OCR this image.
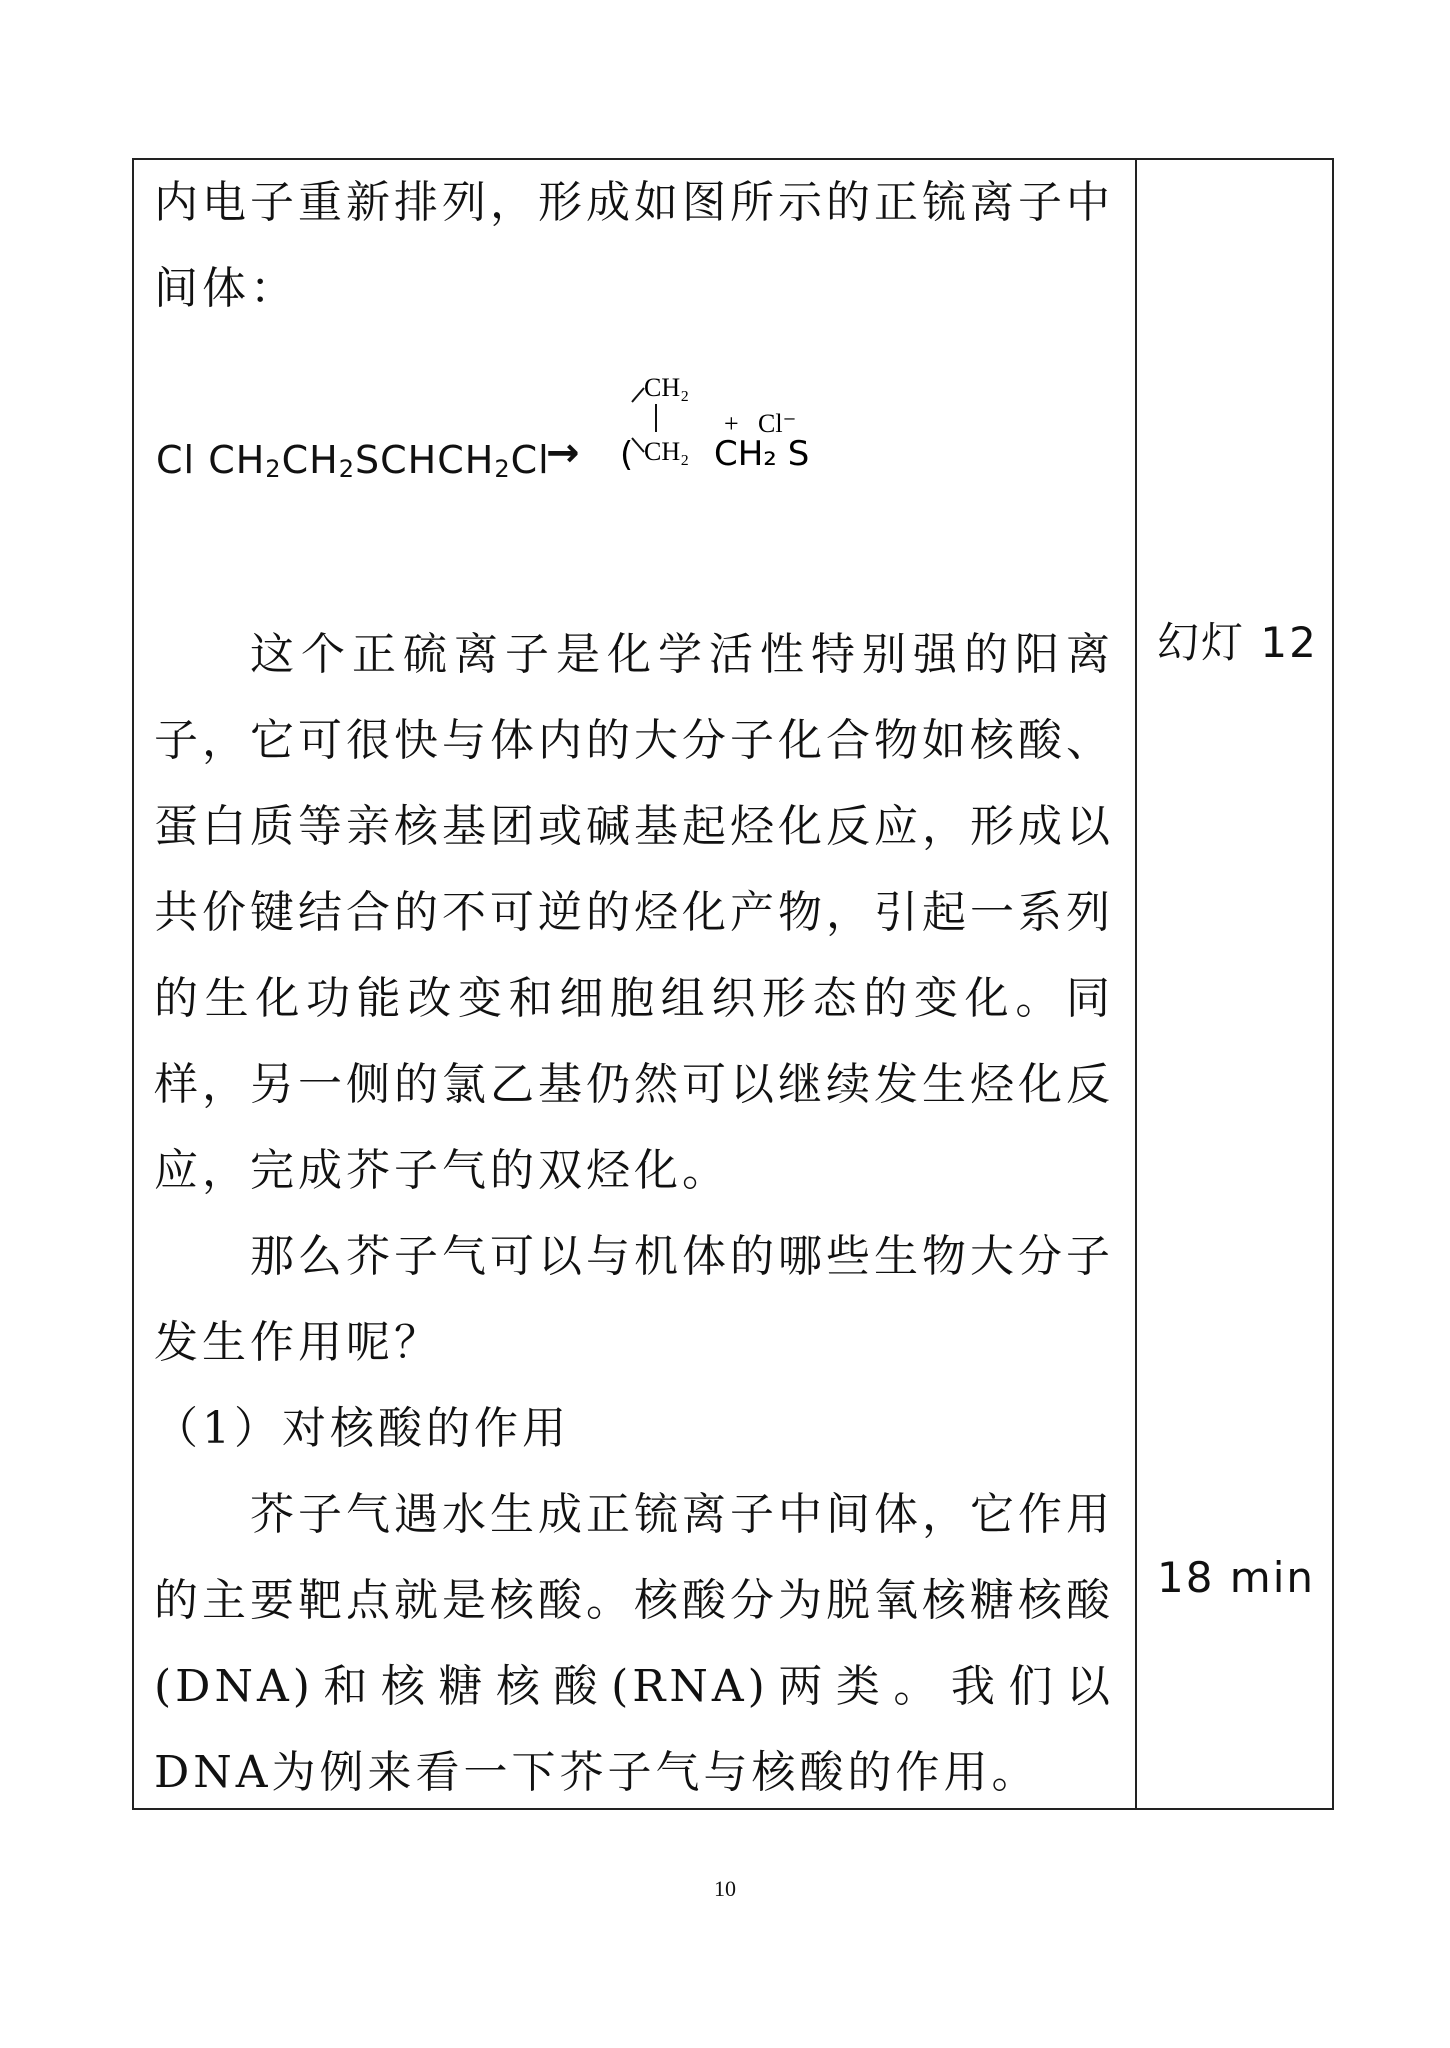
内电子重新排列，形成如图所示的正锍离子中间体：

Cl $CH_2CH_2SCHCH_2Cl$
→
CH₂
CH₂
( CH₂ S
+ Cl⁻

这个正硫离子是化学活性特别强的阳离子，它可很快与体内的大分子化合物如核酸、蛋白质等亲核基团或碱基起烃化反应，形成以共价键结合的不可逆的烃化产物，引起一系列的生化功能改变和细胞组织形态的变化。同样，另一侧的氯乙基仍然可以继续发生烃化反应，完成芥子气的双烃化。

那么芥子气可以与机体的哪些生物大分子发生作用呢？

（1）对核酸的作用

芥子气遇水生成正锍离子中间体，它作用的主要靶点就是核酸。核酸分为脱氧核糖核酸(DNA)和核糖核酸(RNA)两类。我们以DNA为例来看一下芥子气与核酸的作用。

幻灯 12
18 min
10
